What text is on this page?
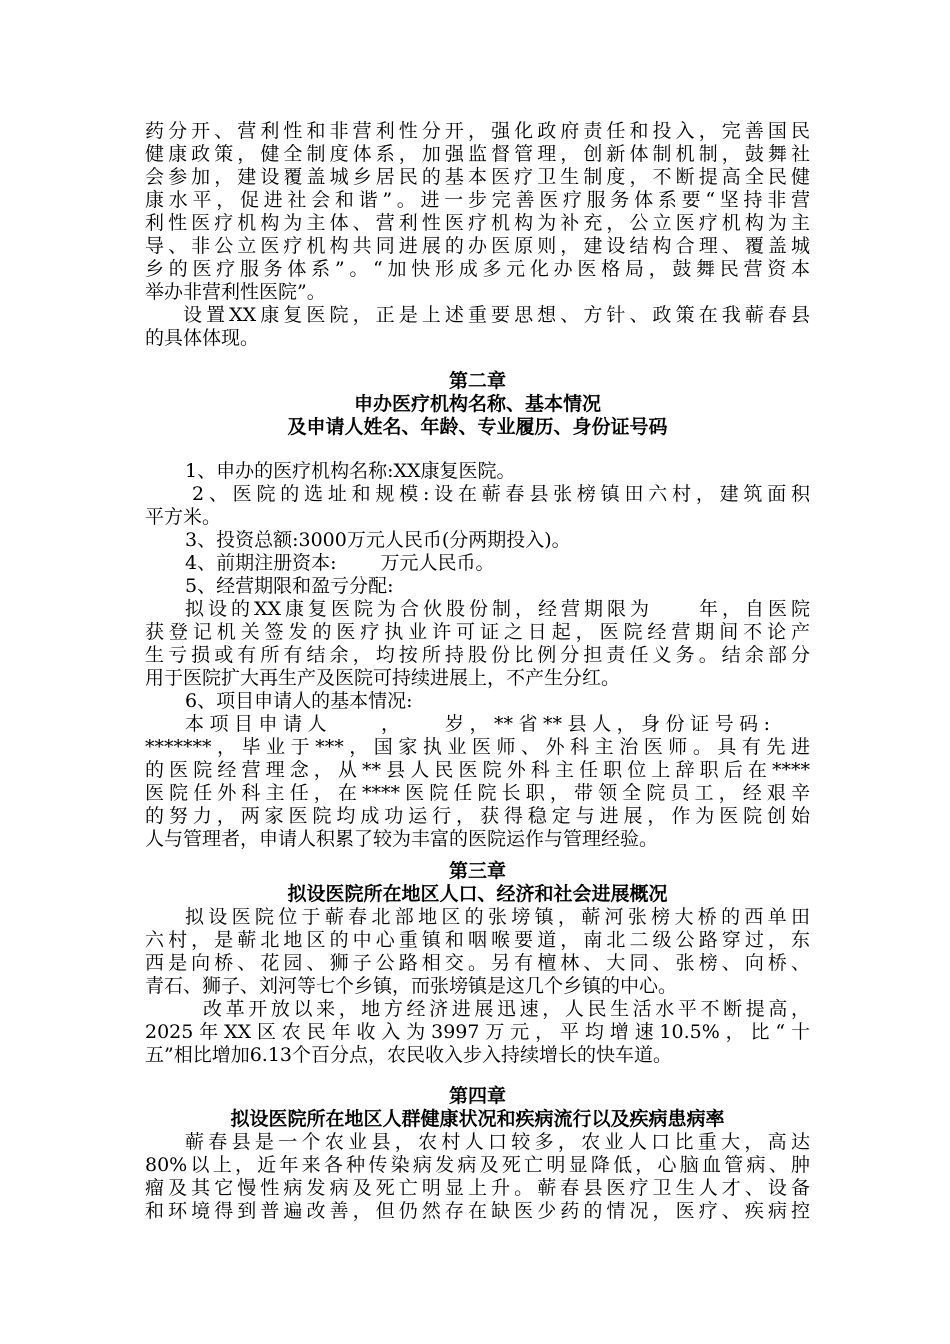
药分开、营利性和非营利性分开，强化政府责任和投入，完善国民
健康政策，健全制度体系，加强监督管理，创新体制机制，鼓舞社
会参加，建设覆盖城乡居民的基本医疗卫生制度，不断提高全民健
康水平，促进社会和谐”。进一步完善医疗服务体系要“坚持非营
利性医疗机构为主体、营利性医疗机构为补充，公立医疗机构为主
导、非公立医疗机构共同进展的办医原则，建设结构合理、覆盖城
乡的医疗服务体系”。“加快形成多元化办医格局，鼓舞民营资本
举办非营利性医院”。
设置XX康复医院，正是上述重要思想、方针、政策在我蕲春县
的具体体现。
第二章
申办医疗机构名称、基本情况
及申请人姓名、年龄、专业履历、身份证号码
1、申办的医疗机构名称:XX康复医院。
2、医院的选址和规模:设在蕲春县张榜镇田六村，建筑面积
平方米。
3、投资总额:3000万元人民币(分两期投入)。
4、前期注册资本:　　 万元人民币。
5、经营期限和盈亏分配:
拟设的XX康复医院为合伙股份制，经营期限为　　年，自医院
获登记机关签发的医疗执业许可证之日起，医院经营期间不论产
生亏损或有所有结余，均按所持股份比例分担责任义务。结余部分
用于医院扩大再生产及医院可持续进展上，不产生分红。
6、项目申请人的基本情况:
本项目申请人　　，　　岁，**省**县人，身份证号码:
*******，毕业于***，国家执业医师、外科主治医师。具有先进
的医院经营理念，从**县人民医院外科主任职位上辞职后在****
医院任外科主任，在****医院任院长职，带领全院员工，经艰辛
的努力，两家医院均成功运行，获得稳定与进展，作为医院创始
人与管理者，申请人积累了较为丰富的医院运作与管理经验。
第三章
拟设医院所在地区人口、经济和社会进展概况
拟设医院位于蕲春北部地区的张塝镇，蕲河张榜大桥的西单田
六村，是蕲北地区的中心重镇和咽喉要道，南北二级公路穿过，东
西是向桥、花园、狮子公路相交。另有檀林、大同、张榜、向桥、
青石、狮子、刘河等七个乡镇，而张塝镇是这几个乡镇的中心。
改革开放以来，地方经济进展迅速，人民生活水平不断提高，
2025年XX区农民年收入为3997万元，平均增速10.5%，比“十
五”相比增加6.13个百分点，农民收入步入持续增长的快车道。
第四章
拟设医院所在地区人群健康状况和疾病流行以及疾病患病率
蕲春县是一个农业县，农村人口较多，农业人口比重大，高达
80%以上，近年来各种传染病发病及死亡明显降低，心脑血管病、肿
瘤及其它慢性病发病及死亡明显上升。蕲春县医疗卫生人才、设备
和环境得到普遍改善，但仍然存在缺医少药的情况，医疗、疾病控
